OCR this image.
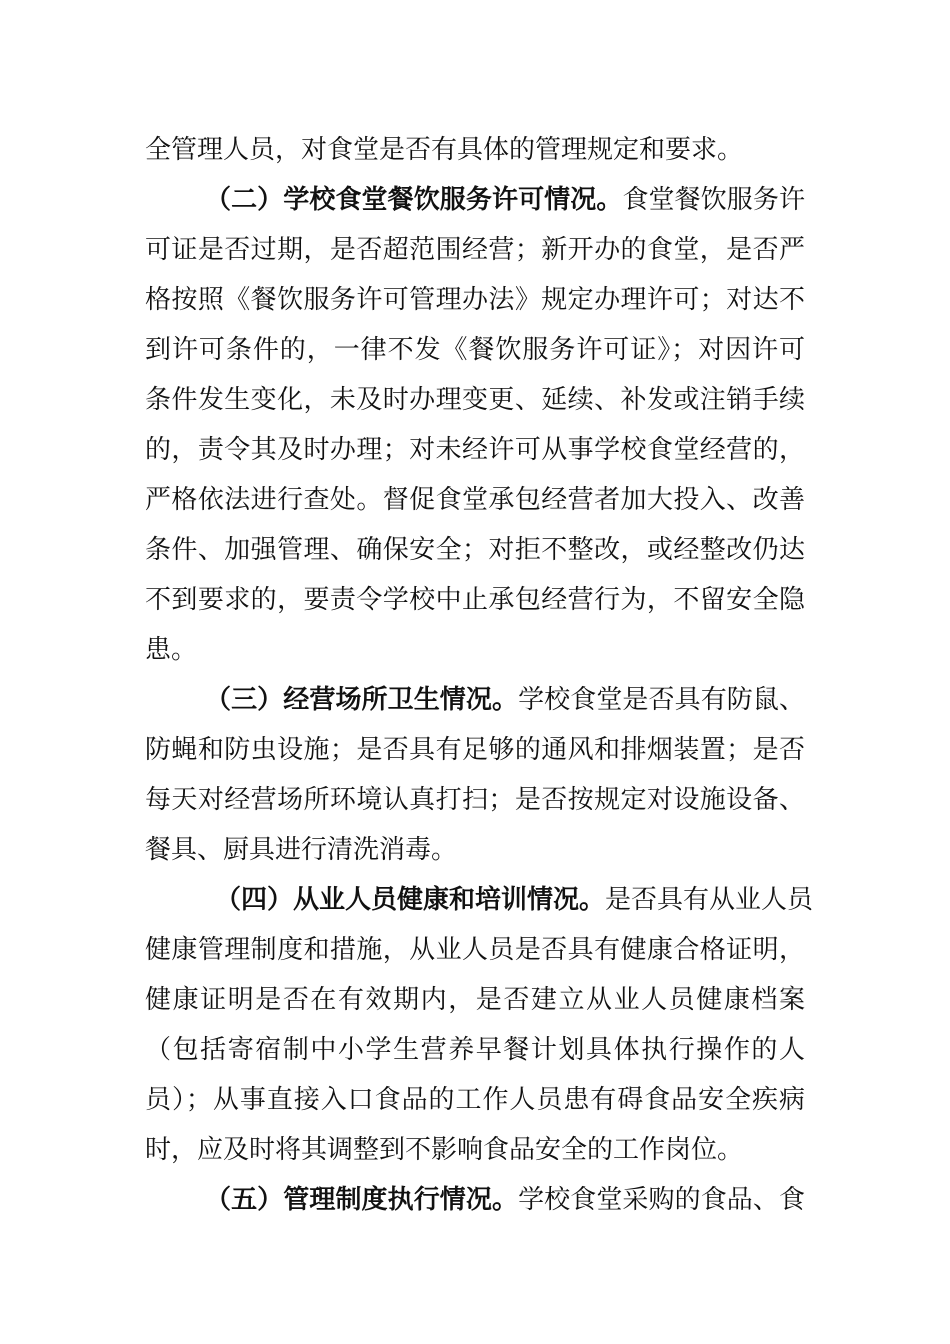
全管理人员，对食堂是否有具体的管理规定和要求。
（二）学校食堂餐饮服务许可情况。食堂餐饮服务许
可证是否过期，是否超范围经营；新开办的食堂，是否严
格按照《餐饮服务许可管理办法》规定办理许可；对达不
到许可条件的，一律不发《餐饮服务许可证》；对因许可
条件发生变化，未及时办理变更、延续、补发或注销手续
的，责令其及时办理；对未经许可从事学校食堂经营的，
严格依法进行查处。督促食堂承包经营者加大投入、改善
条件、加强管理、确保安全；对拒不整改，或经整改仍达
不到要求的，要责令学校中止承包经营行为，不留安全隐
患。
（三）经营场所卫生情况。学校食堂是否具有防鼠、
防蝇和防虫设施；是否具有足够的通风和排烟装置；是否
每天对经营场所环境认真打扫；是否按规定对设施设备、
餐具、厨具进行清洗消毒。
（四）从业人员健康和培训情况。是否具有从业人员
健康管理制度和措施，从业人员是否具有健康合格证明，
健康证明是否在有效期内，是否建立从业人员健康档案
（包括寄宿制中小学生营养早餐计划具体执行操作的人
员）；从事直接入口食品的工作人员患有碍食品安全疾病
时，应及时将其调整到不影响食品安全的工作岗位。
（五）管理制度执行情况。学校食堂采购的食品、食
